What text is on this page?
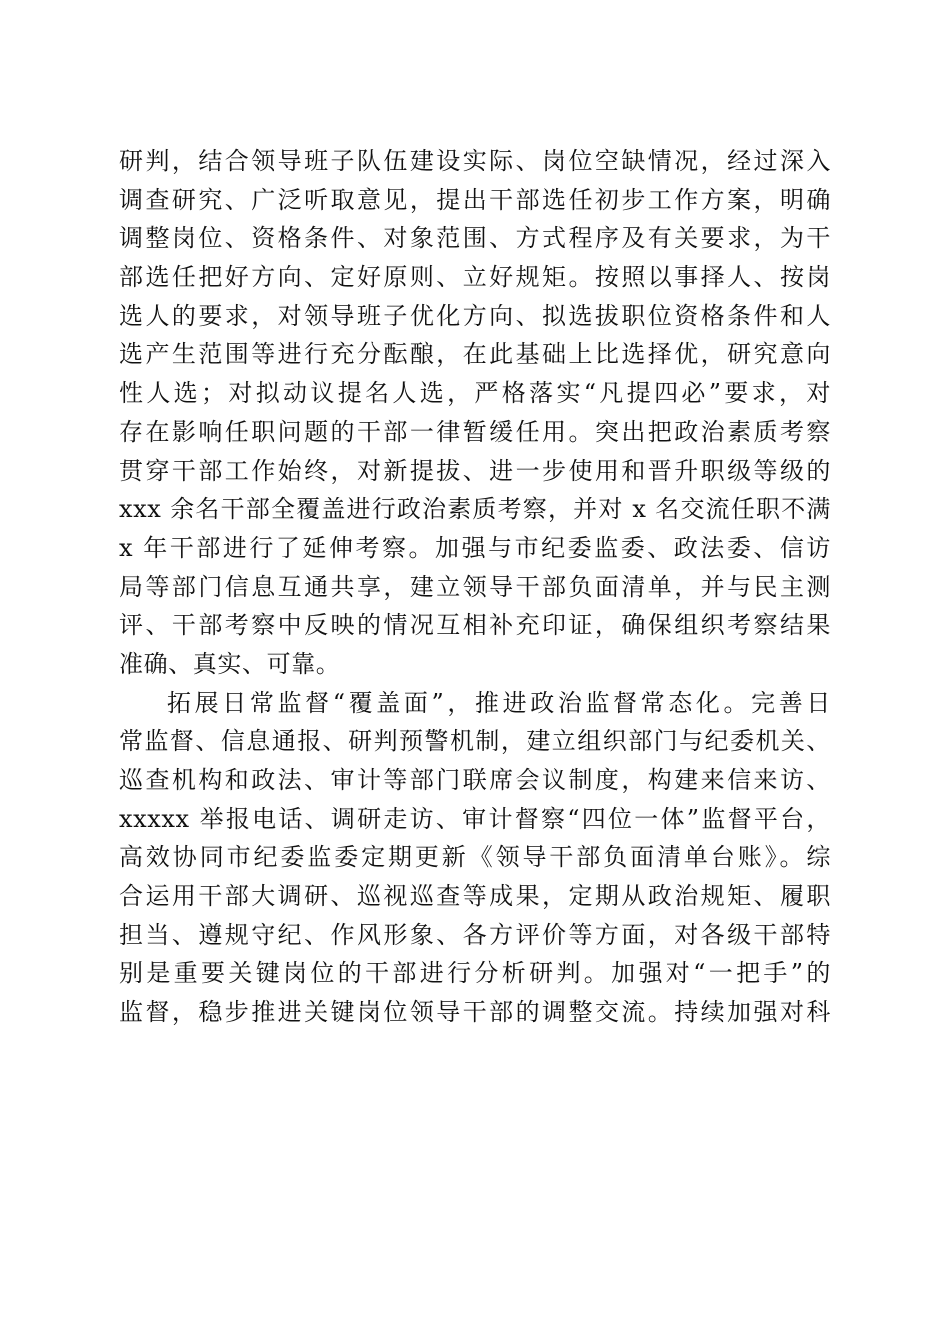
研判，结合领导班子队伍建设实际、岗位空缺情况，经过深入
调查研究、广泛听取意见，提出干部选任初步工作方案，明确
调整岗位、资格条件、对象范围、方式程序及有关要求，为干
部选任把好方向、定好原则、立好规矩。按照以事择人、按岗
选人的要求，对领导班子优化方向、拟选拔职位资格条件和人
选产生范围等进行充分酝酿，在此基础上比选择优，研究意向
性人选；对拟动议提名人选，严格落实“凡提四必”要求，对
存在影响任职问题的干部一律暂缓任用。突出把政治素质考察
贯穿干部工作始终，对新提拔、进一步使用和晋升职级等级的
xxx 余名干部全覆盖进行政治素质考察，并对 x 名交流任职不满
x 年干部进行了延伸考察。加强与市纪委监委、政法委、信访
局等部门信息互通共享，建立领导干部负面清单，并与民主测
评、干部考察中反映的情况互相补充印证，确保组织考察结果
准确、真实、可靠。
拓展日常监督“覆盖面”，推进政治监督常态化。完善日
常监督、信息通报、研判预警机制，建立组织部门与纪委机关、
巡查机构和政法、审计等部门联席会议制度，构建来信来访、
xxxxx 举报电话、调研走访、审计督察“四位一体”监督平台，
高效协同市纪委监委定期更新《领导干部负面清单台账》。综
合运用干部大调研、巡视巡查等成果，定期从政治规矩、履职
担当、遵规守纪、作风形象、各方评价等方面，对各级干部特
别是重要关键岗位的干部进行分析研判。加强对“一把手”的
监督，稳步推进关键岗位领导干部的调整交流。持续加强对科
